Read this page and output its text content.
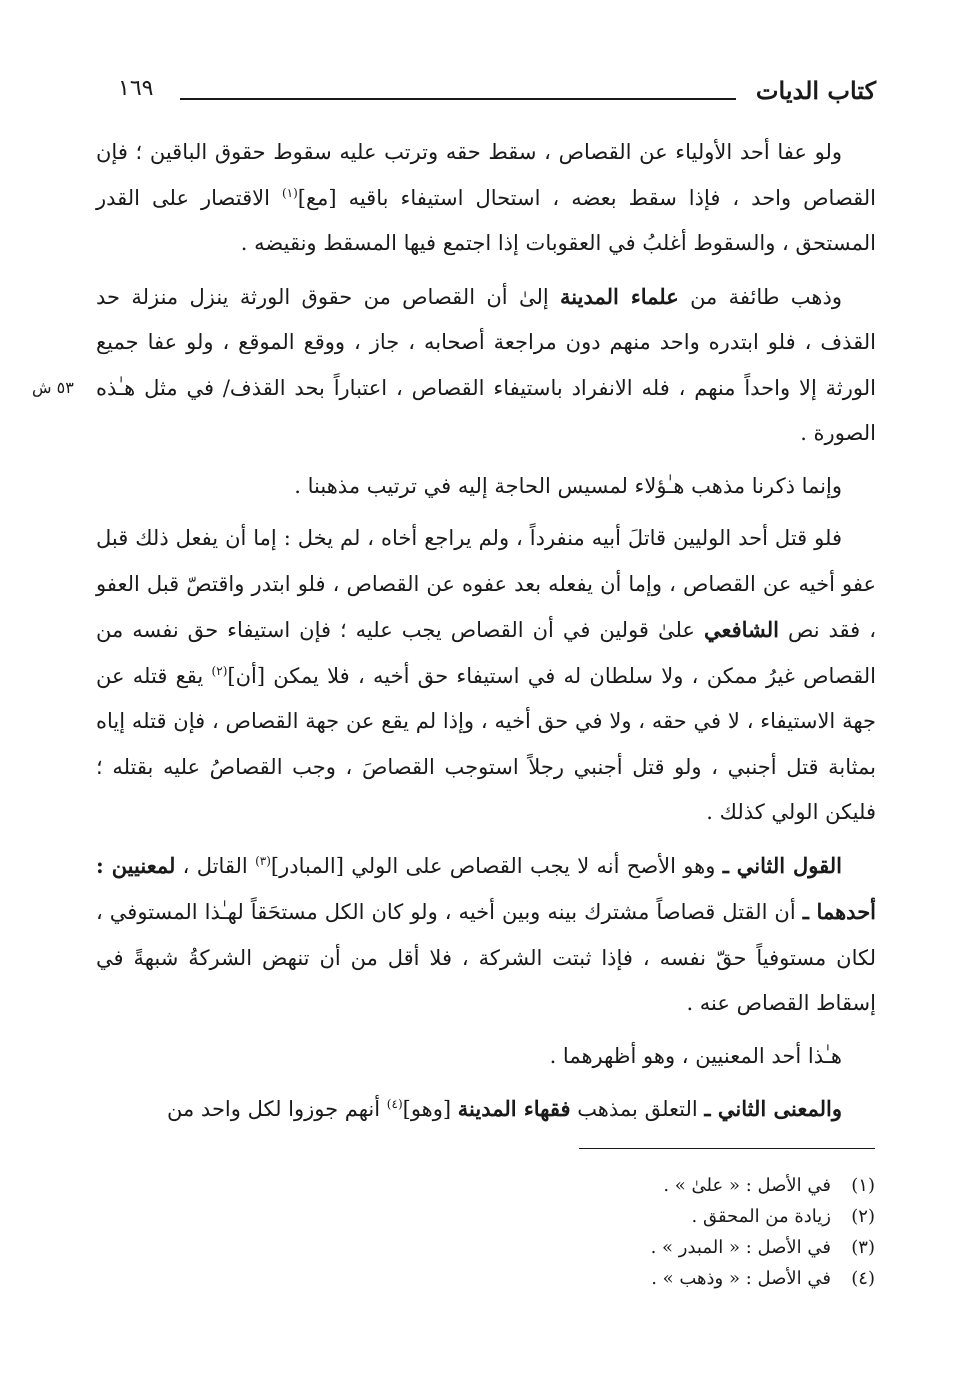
كتاب الديات
١٦٩
٥٣ ش

ولو عفا أحد الأولياء عن القصاص ، سقط حقه وترتب عليه سقوط حقوق الباقين ؛ فإن القصاص واحد ، فإذا سقط بعضه ، استحال استيفاء باقيه [مع]$^{(١)}$ الاقتصار على القدر المستحق ، والسقوط أغلبُ في العقوبات إذا اجتمع فيها المسقط ونقيضه .

وذهب طائفة من علماء المدينة إلىٰ أن القصاص من حقوق الورثة ينزل منزلة حد القذف ، فلو ابتدره واحد منهم دون مراجعة أصحابه ، جاز ، ووقع الموقع ، ولو عفا جميع الورثة إلا واحداً منهم ، فله الانفراد باستيفاء القصاص ، اعتباراً بحد القذف/ في مثل هـٰذه الصورة .

وإنما ذكرنا مذهب هـٰؤلاء لمسيس الحاجة إليه في ترتيب مذهبنا .

فلو قتل أحد الوليين قاتلَ أبيه منفرداً ، ولم يراجع أخاه ، لم يخل : إما أن يفعل ذلك قبل عفو أخيه عن القصاص ، وإما أن يفعله بعد عفوه عن القصاص ، فلو ابتدر واقتصّ قبل العفو ، فقد نص الشافعي علىٰ قولين في أن القصاص يجب عليه ؛ فإن استيفاء حق نفسه من القصاص غيرُ ممكن ، ولا سلطان له في استيفاء حق أخيه ، فلا يمكن [أن]$^{(٢)}$ يقع قتله عن جهة الاستيفاء ، لا في حقه ، ولا في حق أخيه ، وإذا لم يقع عن جهة القصاص ، فإن قتله إياه بمثابة قتل أجنبي ، ولو قتل أجنبي رجلاً استوجب القصاصَ ، وجب القصاصُ عليه بقتله ؛ فليكن الولي كذلك .

القول الثاني ـ وهو الأصح أنه لا يجب القصاص على الولي [المبادر]$^{(٣)}$ القاتل ، لمعنيين : أحدهما ـ أن القتل قصاصاً مشترك بينه وبين أخيه ، ولو كان الكل مستحَقاً لهـٰذا المستوفي ، لكان مستوفياً حقّ نفسه ، فإذا ثبتت الشركة ، فلا أقل من أن تنهض الشركةُ شبهةً في إسقاط القصاص عنه .

هـٰذا أحد المعنيين ، وهو أظهرهما .

والمعنى الثاني ـ التعلق بمذهب فقهاء المدينة [وهو]$^{(٤)}$ أنهم جوزوا لكل واحد من

(١)في الأصل : « علىٰ » .
(٢)زيادة من المحقق .
(٣)في الأصل : « المبدر » .
(٤)في الأصل : « وذهب » .
